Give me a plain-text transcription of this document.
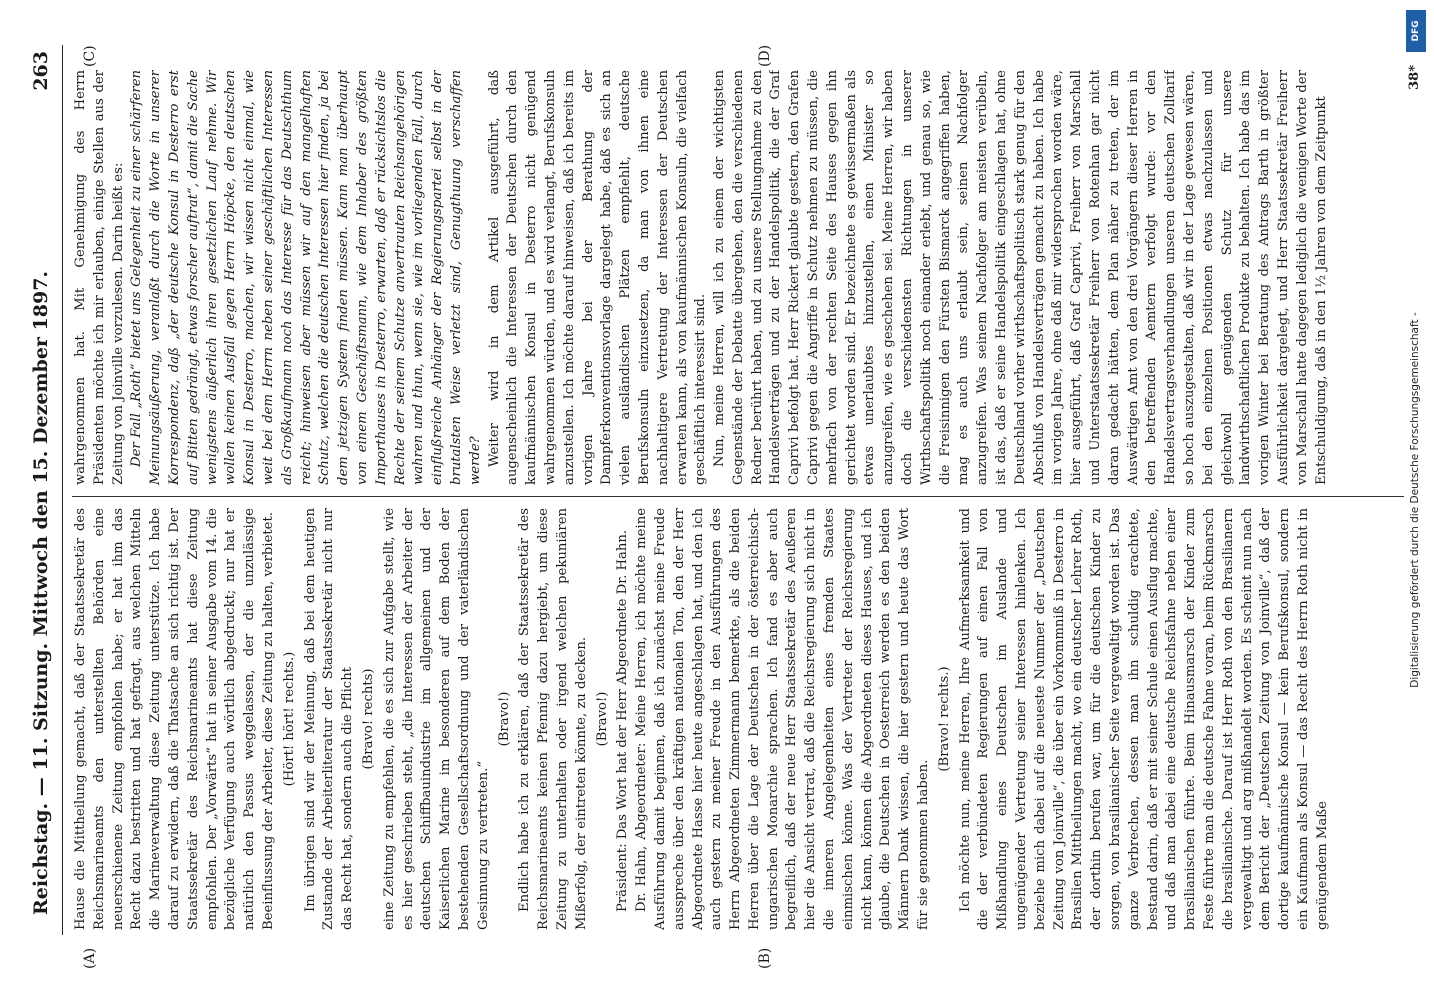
Reichstag. — 11. Sitzung. Mittwoch den 15. Dezember 1897.
263

Hause die Mittheilung gemacht, daß der Staatssekretär des Reichsmarineamts den unterstellten Behörden eine neuerschienene Zeitung empfohlen habe; er hat ihm das Recht dazu bestritten und hat gefragt, aus welchen Mitteln die Marineverwaltung diese Zeitung unterstütze. Ich habe darauf zu erwidern, daß die Thatsache an sich richtig ist. Der Staatssekretär des Reichsmarineamts hat diese Zeitung empfohlen. Der „Vorwärts“ hat in seiner Ausgabe vom 14. die bezügliche Verfügung auch wörtlich abgedruckt; nur hat er natürlich den Passus weggelassen, der die unzulässige Beeinflussung der Arbeiter, diese Zeitung zu halten, verbietet. (Hört! hört! rechts.) Im übrigen sind wir der Meinung, daß bei dem heutigen Zustande der Arbeiterliteratur der Staatssekretär nicht nur das Recht hat, sondern auch die Pflicht (Bravo! rechts) eine Zeitung zu empfehlen, die es sich zur Aufgabe stellt, wie es hier geschrieben steht, „die Interessen der Arbeiter der deutschen Schiffbauindustrie im allgemeinen und der Kaiserlichen Marine im besonderen auf dem Boden der bestehenden Gesellschaftsordnung und der vaterländischen Gesinnung zu vertreten.“

(Bravo!) Endlich habe ich zu erklären, daß der Staatssekretär des Reichsmarineamts keinen Pfennig dazu hergiebt, um diese Zeitung zu unterhalten oder irgend welchen pekuniären Mißerfolg, der eintreten könnte, zu decken. (Bravo!) Präsident: Das Wort hat der Herr Abgeordnete Dr. Hahn. Dr. Hahn, Abgeordneter: Meine Herren, ich möchte meine Ausführung damit beginnen, daß ich zunächst meine Freude ausspreche über den kräftigen nationalen Ton, den der Herr Abgeordnete Hasse hier heute angeschlagen hat, und den ich auch gestern zu meiner Freude in den Ausführungen des Herrn Abgeordneten Zimmermann bemerkte, als die beiden Herren über die Lage der Deutschen in der österreichisch-ungarischen Monarchie sprachen. Ich fand es aber auch begreiflich, daß der neue Herr Staatssekretär des Aeußeren hier die Ansicht vertrat, daß die Reichsregierung sich nicht in die inneren Angelegenheiten eines fremden Staates einmischen könne. Was der Vertreter der Reichsregierung nicht kann, können die Abgeordneten dieses Hauses, und ich glaube, die Deutschen in Oesterreich werden es den beiden Männern Dank wissen, die hier gestern und heute das Wort für sie genommen haben.

(Bravo! rechts.) Ich möchte nun, meine Herren, Ihre Aufmerksamkeit und die der verbündeten Regierungen auf einen Fall von Mißhandlung eines Deutschen im Auslande und ungenügender Vertretung seiner Interessen hinlenken. Ich beziehe mich dabei auf die neueste Nummer der „Deutschen Zeitung von Joinville“, die über ein Vorkommniß in Desterro in Brasilien Mittheilungen macht, wo ein deutscher Lehrer Roth, der dorthin berufen war, um für die deutschen Kinder zu sorgen, von brasilianischer Seite vergewaltigt worden ist. Das ganze Verbrechen, dessen man ihn schuldig erachtete, bestand darin, daß er mit seiner Schule einen Ausflug machte, und daß man dabei eine deutsche Reichsfahne neben einer brasilianischen führte. Beim Hinausmarsch der Kinder zum Feste führte man die deutsche Fahne voran, beim Rückmarsch die brasilianische. Darauf ist Herr Roth von den Brasilianern vergewaltigt und arg mißhandelt worden. Es scheint nun nach dem Bericht der „Deutschen Zeitung von Joinville“, daß der dortige kaufmännische Konsul — kein Berufskonsul, sondern ein Kaufmann als Konsul — das Recht des Herrn Roth nicht in genügendem Maße

wahrgenommen hat. Mit Genehmigung des Herrn Präsidenten möchte ich mir erlauben, einige Stellen aus der Zeitung von Joinville vorzulesen. Darin heißt es: Der Fall „Roth“ bietet uns Gelegenheit zu einer schärferen Meinungsäußerung, veranlaßt durch die Worte in unserer Korrespondenz, daß „der deutsche Konsul in Desterro erst auf Bitten gedrängt, etwas forscher auftrat“, damit die Sache wenigstens äußerlich ihren gesetzlichen Lauf nehme. Wir wollen keinen Ausfall gegen Herrn Höpcke, den deutschen Konsul in Desterro, machen, wir wissen nicht einmal, wie weit bei dem Herrn neben seiner geschäftlichen Interessen als Großkaufmann noch das Interesse für das Deutschthum reicht; hinweisen aber müssen wir auf den mangelhaften Schutz, welchen die deutschen Interessen hier finden, ja bei dem jetzigen System finden müssen. Kann man überhaupt von einem Geschäftsmann, wie dem Inhaber des größten Importhauses in Desterro, erwarten, daß er rücksichtslos die Rechte der seinem Schutze anvertrauten Reichsangehörigen wahren und thun, wenn sie, wie im vorliegenden Fall, durch einflußreiche Anhänger der Regierungspartei selbst in der brutalsten Weise verletzt sind, Genugthuung verschaffen werde? Weiter wird in dem Artikel ausgeführt, daß augenscheinlich die Interessen der Deutschen durch den kaufmännischen Konsul in Desterro nicht genügend wahrgenommen würden, und es wird verlangt, Berufskonsuln anzustellen. Ich möchte darauf hinweisen, daß ich bereits im vorigen Jahre bei der Berathung der Dampferkonventionsvorlage dargelegt habe, daß es sich an vielen ausländischen Plätzen empfiehlt, deutsche Berufskonsuln einzusetzen, da man von ihnen eine nachhaltigere Vertretung der Interessen der Deutschen erwarten kann, als von kaufmännischen Konsuln, die vielfach geschäftlich interessirt sind. Nun, meine Herren, will ich zu einem der wichtigsten Gegenstände der Debatte übergehen, den die verschiedenen Redner berührt haben, und zu unsere Stellungnahme zu den Handelsverträgen und zu der Handelspolitik, die der Graf Caprivi befolgt hat. Herr Rickert glaubte gestern, den Grafen Caprivi gegen die Angriffe in Schutz nehmen zu müssen, die mehrfach von der rechten Seite des Hauses gegen ihn gerichtet worden sind. Er bezeichnete es gewissermaßen als etwas unerlaubtes hinzustellen, einen Minister so anzugreifen, wie es geschehen sei. Meine Herren, wir haben doch die verschiedensten Richtungen in unserer Wirthschaftspolitik noch einander erlebt, und genau so, wie die Freisinnigen den Fürsten Bismarck angegriffen haben, mag es auch uns erlaubt sein, seinen Nachfolger anzugreifen. Was seinem Nachfolger am meisten verübeln, ist das, daß er seine Handelspolitik eingeschlagen hat, ohne Deutschland vorher wirthschaftspolitisch stark genug für den Abschluß von Handelsverträgen gemacht zu haben. Ich habe im vorigen Jahre, ohne daß mir widersprochen worden wäre, hier ausgeführt, daß Graf Caprivi, Freiherr von Marschall und Unterstaatssekretär Freiherr von Rotenhan gar nicht daran gedacht hätten, dem Plan näher zu treten, der im Auswärtigen Amt von den drei Vorgängern dieser Herren in den betreffenden Aemtern verfolgt wurde: vor den Handelsvertragsverhandlungen unseren deutschen Zolltarif so hoch auszugestalten, daß wir in der Lage gewesen wären, bei den einzelnen Positionen etwas nachzulassen und gleichwohl genügenden Schutz für unsere landwirthschaftlichen Produkte zu behalten. Ich habe das im vorigen Winter bei Beratung des Antrags Barth in größter Ausführlichkeit dargelegt, und Herr Staatssekretär Freiherr von Marschall hatte dagegen lediglich die wenigen Worte der Entschuldigung, daß in den 1½ Jahren von dem Zeitpunkt

(A)	(B)
(C)	(D)
38*
Digitalisierung gefördert durch die Deutsche Forschungsgemeinschaft -
DFG
